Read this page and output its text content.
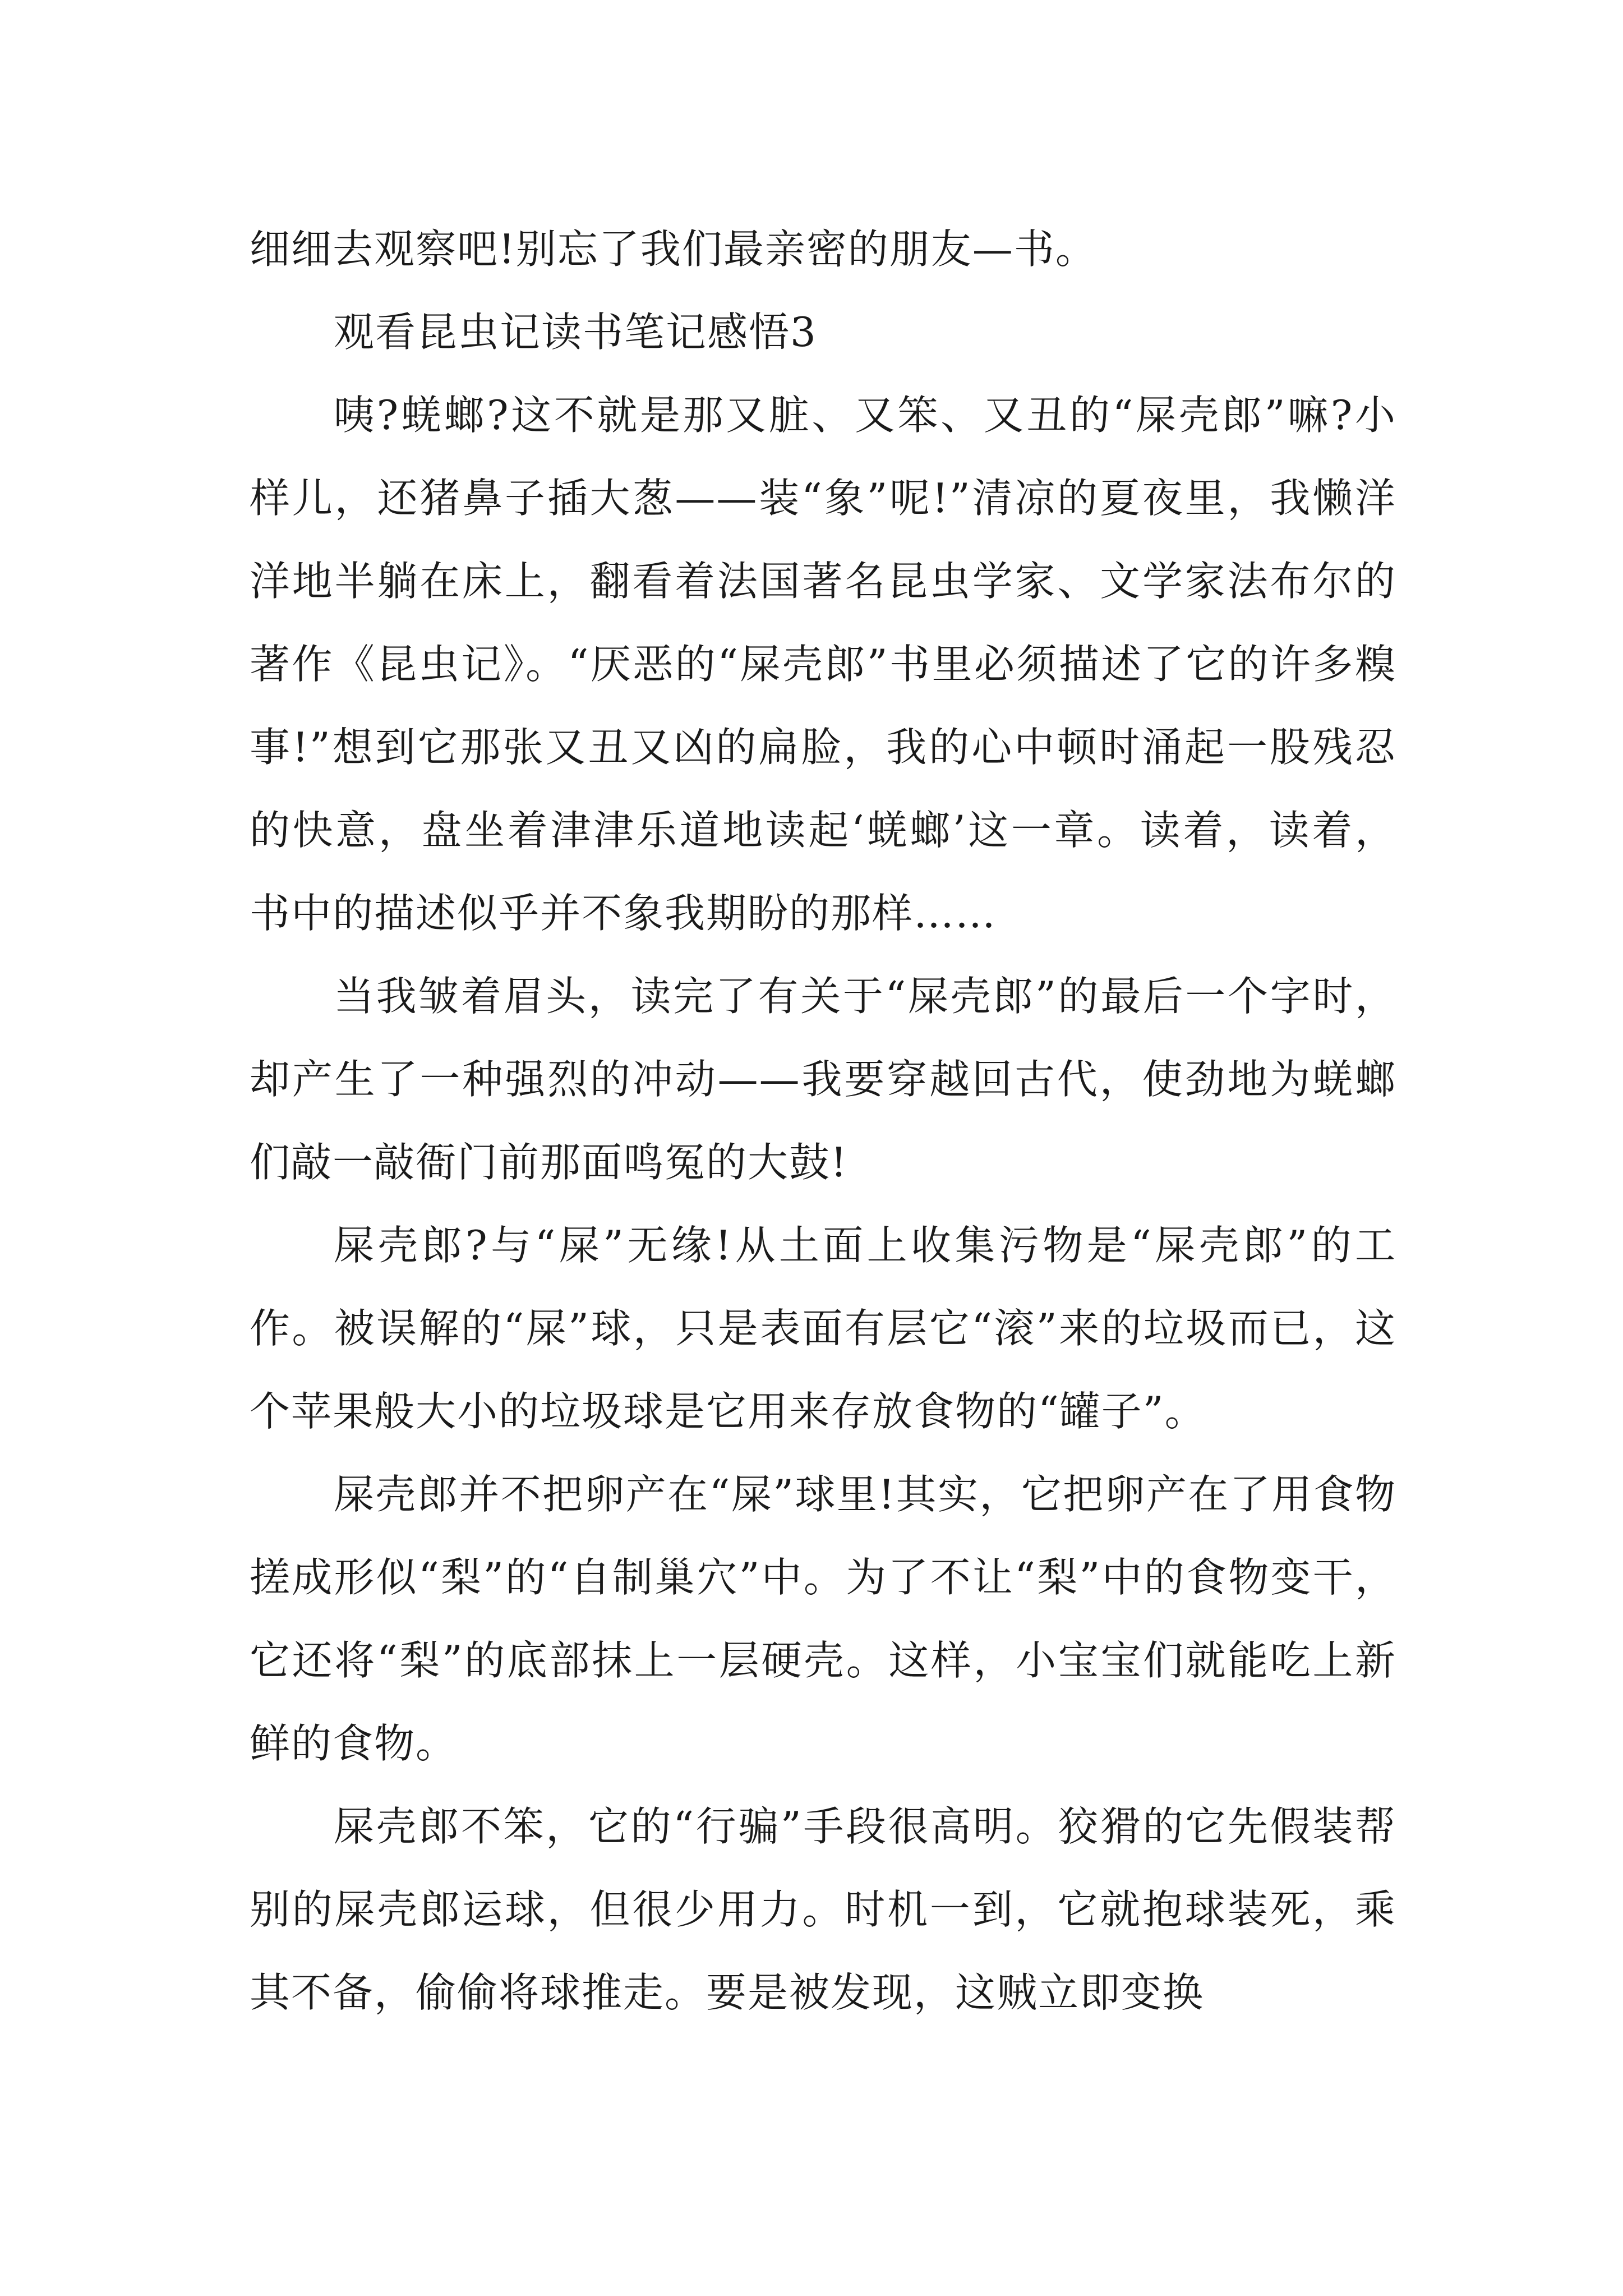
细细去观察吧!别忘了我们最亲密的朋友—书。

观看昆虫记读书笔记感悟3

咦?蜣螂?这不就是那又脏、又笨、又丑的“屎壳郎”嘛?小样儿，还猪鼻子插大葱——装“象”呢!”清凉的夏夜里，我懒洋洋地半躺在床上，翻看着法国著名昆虫学家、文学家法布尔的著作《昆虫记》。“厌恶的“屎壳郎”书里必须描述了它的许多糗事!”想到它那张又丑又凶的扁脸，我的心中顿时涌起一股残忍的快意，盘坐着津津乐道地读起‘蜣螂’这一章。读着，读着，书中的描述似乎并不象我期盼的那样……

当我皱着眉头，读完了有关于“屎壳郎”的最后一个字时，却产生了一种强烈的冲动——我要穿越回古代，使劲地为蜣螂们敲一敲衙门前那面鸣冤的大鼓!

屎壳郎?与“屎”无缘!从土面上收集污物是“屎壳郎”的工作。被误解的“屎”球，只是表面有层它“滚”来的垃圾而已，这个苹果般大小的垃圾球是它用来存放食物的“罐子”。

屎壳郎并不把卵产在“屎”球里!其实，它把卵产在了用食物搓成形似“梨”的“自制巢穴”中。为了不让“梨”中的食物变干，它还将“梨”的底部抹上一层硬壳。这样，小宝宝们就能吃上新鲜的食物。

屎壳郎不笨，它的“行骗”手段很高明。狡猾的它先假装帮别的屎壳郎运球，但很少用力。时机一到，它就抱球装死，乘其不备，偷偷将球推走。要是被发现，这贼立即变换
